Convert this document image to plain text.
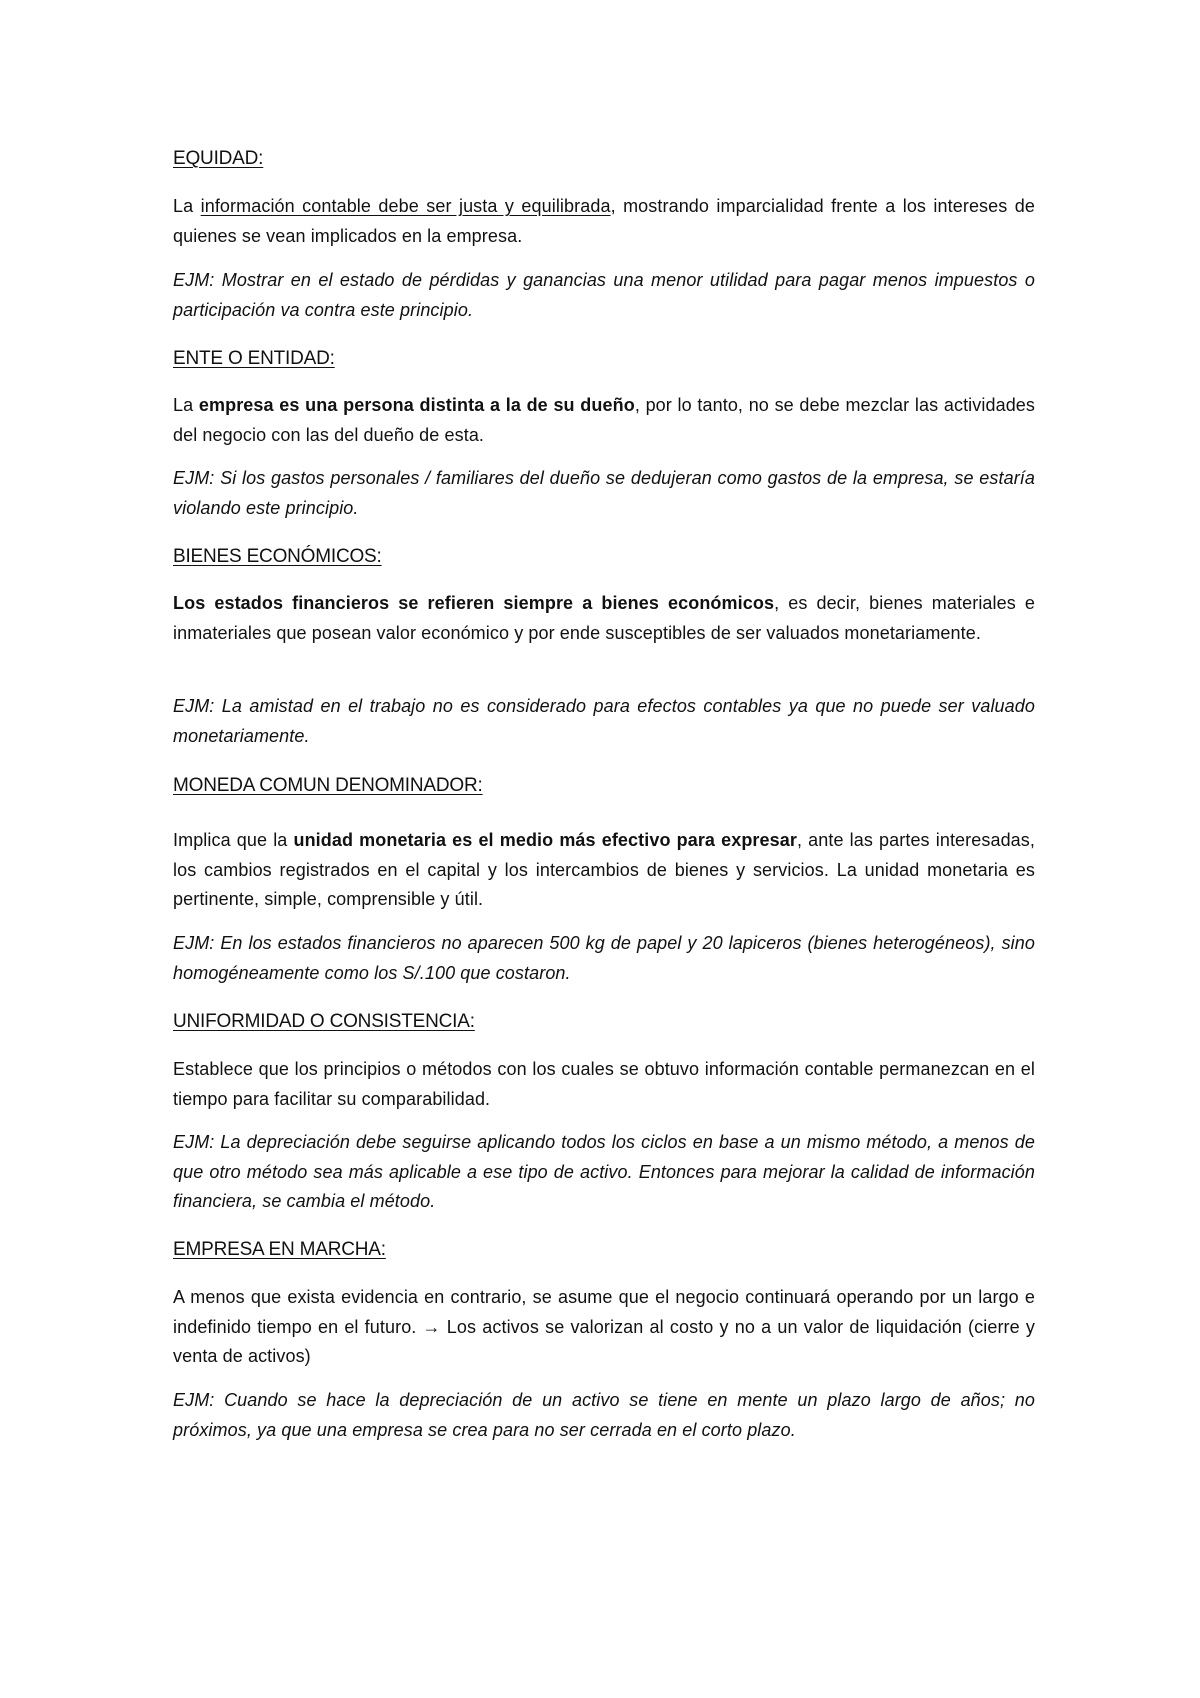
EQUIDAD:

La información contable debe ser justa y equilibrada, mostrando imparcialidad frente a los intereses de quienes se vean implicados en la empresa.

EJM: Mostrar en el estado de pérdidas y ganancias una menor utilidad para pagar menos impuestos o participación va contra este principio.

ENTE O ENTIDAD:

La empresa es una persona distinta a la de su dueño, por lo tanto, no se debe mezclar las actividades del negocio con las del dueño de esta.

EJM: Si los gastos personales / familiares del dueño se dedujeran como gastos de la empresa, se estaría violando este principio.

BIENES ECONÓMICOS:

Los estados financieros se refieren siempre a bienes económicos, es decir, bienes materiales e inmateriales que posean valor económico y por ende susceptibles de ser valuados monetariamente.

EJM: La amistad en el trabajo no es considerado para efectos contables ya que no puede ser valuado monetariamente.

MONEDA COMUN DENOMINADOR:

Implica que la unidad monetaria es el medio más efectivo para expresar, ante las partes interesadas, los cambios registrados en el capital y los intercambios de bienes y servicios. La unidad monetaria es pertinente, simple, comprensible y útil.

EJM: En los estados financieros no aparecen 500 kg de papel y 20 lapiceros (bienes heterogéneos), sino homogéneamente como los S/.100 que costaron.

UNIFORMIDAD O CONSISTENCIA:

Establece que los principios o métodos con los cuales se obtuvo información contable permanezcan en el tiempo para facilitar su comparabilidad.

EJM: La depreciación debe seguirse aplicando todos los ciclos en base a un mismo método, a menos de que otro método sea más aplicable a ese tipo de activo. Entonces para mejorar la calidad de información financiera, se cambia el método.

EMPRESA EN MARCHA:

A menos que exista evidencia en contrario, se asume que el negocio continuará operando por un largo e indefinido tiempo en el futuro. → Los activos se valorizan al costo y no a un valor de liquidación (cierre y venta de activos)

EJM: Cuando se hace la depreciación de un activo se tiene en mente un plazo largo de años; no próximos, ya que una empresa se crea para no ser cerrada en el corto plazo.
